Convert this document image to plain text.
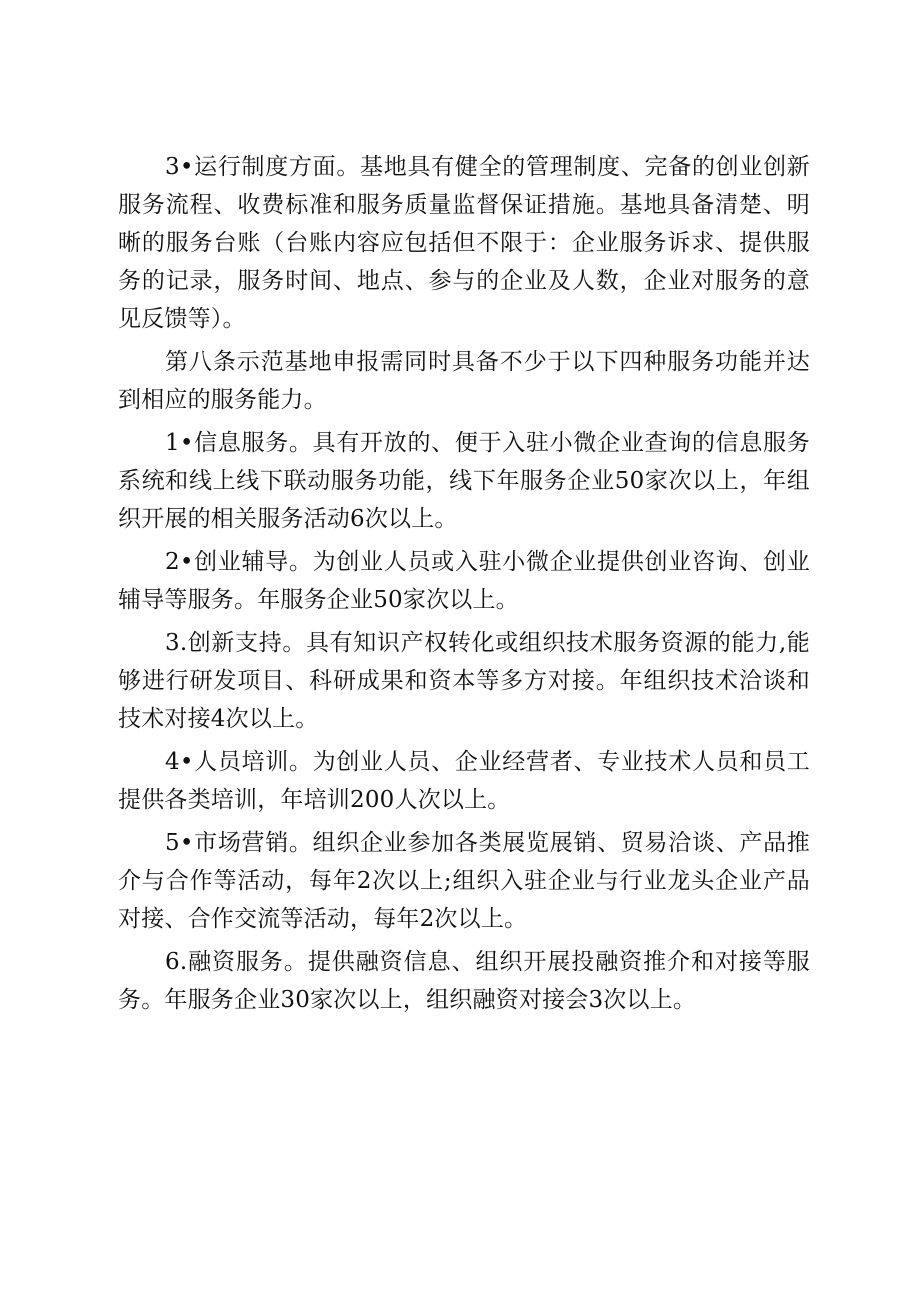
3•运行制度方面。基地具有健全的管理制度、完备的创业创新服务流程、收费标准和服务质量监督保证措施。基地具备清楚、明晰的服务台账（台账内容应包括但不限于：企业服务诉求、提供服务的记录，服务时间、地点、参与的企业及人数，企业对服务的意见反馈等）。

第八条示范基地申报需同时具备不少于以下四种服务功能并达到相应的服务能力。

1•信息服务。具有开放的、便于入驻小微企业查询的信息服务系统和线上线下联动服务功能，线下年服务企业50家次以上，年组织开展的相关服务活动6次以上。

2•创业辅导。为创业人员或入驻小微企业提供创业咨询、创业辅导等服务。年服务企业50家次以上。

3.创新支持。具有知识产权转化或组织技术服务资源的能力,能够进行研发项目、科研成果和资本等多方对接。年组织技术洽谈和技术对接4次以上。

4•人员培训。为创业人员、企业经营者、专业技术人员和员工提供各类培训，年培训200人次以上。

5•市场营销。组织企业参加各类展览展销、贸易洽谈、产品推介与合作等活动，每年2次以上;组织入驻企业与行业龙头企业产品对接、合作交流等活动，每年2次以上。

6.融资服务。提供融资信息、组织开展投融资推介和对接等服务。年服务企业30家次以上，组织融资对接会3次以上。
